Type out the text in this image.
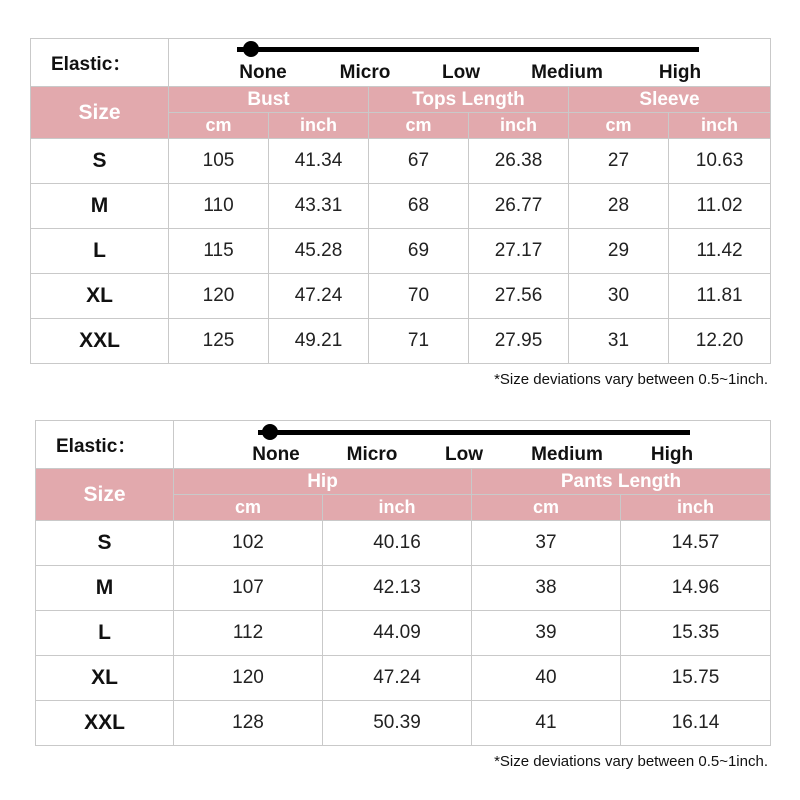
Elastic：	None Micro Low Medium High					

Size	Bust		Tops Length		Sleeve	
	cm	inch	cm	inch	cm	inch
S	105	41.34	67	26.38	27	10.63
M	110	43.31	68	26.77	28	11.02
L	115	45.28	69	27.17	29	11.42
XL	120	47.24	70	27.56	30	11.81
XXL	125	49.21	71	27.95	31	12.20
*Size deviations vary between 0.5~1inch.
Elastic：	None Micro Low Medium High			

Size	Hip		Pants Length	
	cm	inch	cm	inch
S	102	40.16	37	14.57
M	107	42.13	38	14.96
L	112	44.09	39	15.35
XL	120	47.24	40	15.75
XXL	128	50.39	41	16.14
*Size deviations vary between 0.5~1inch.
